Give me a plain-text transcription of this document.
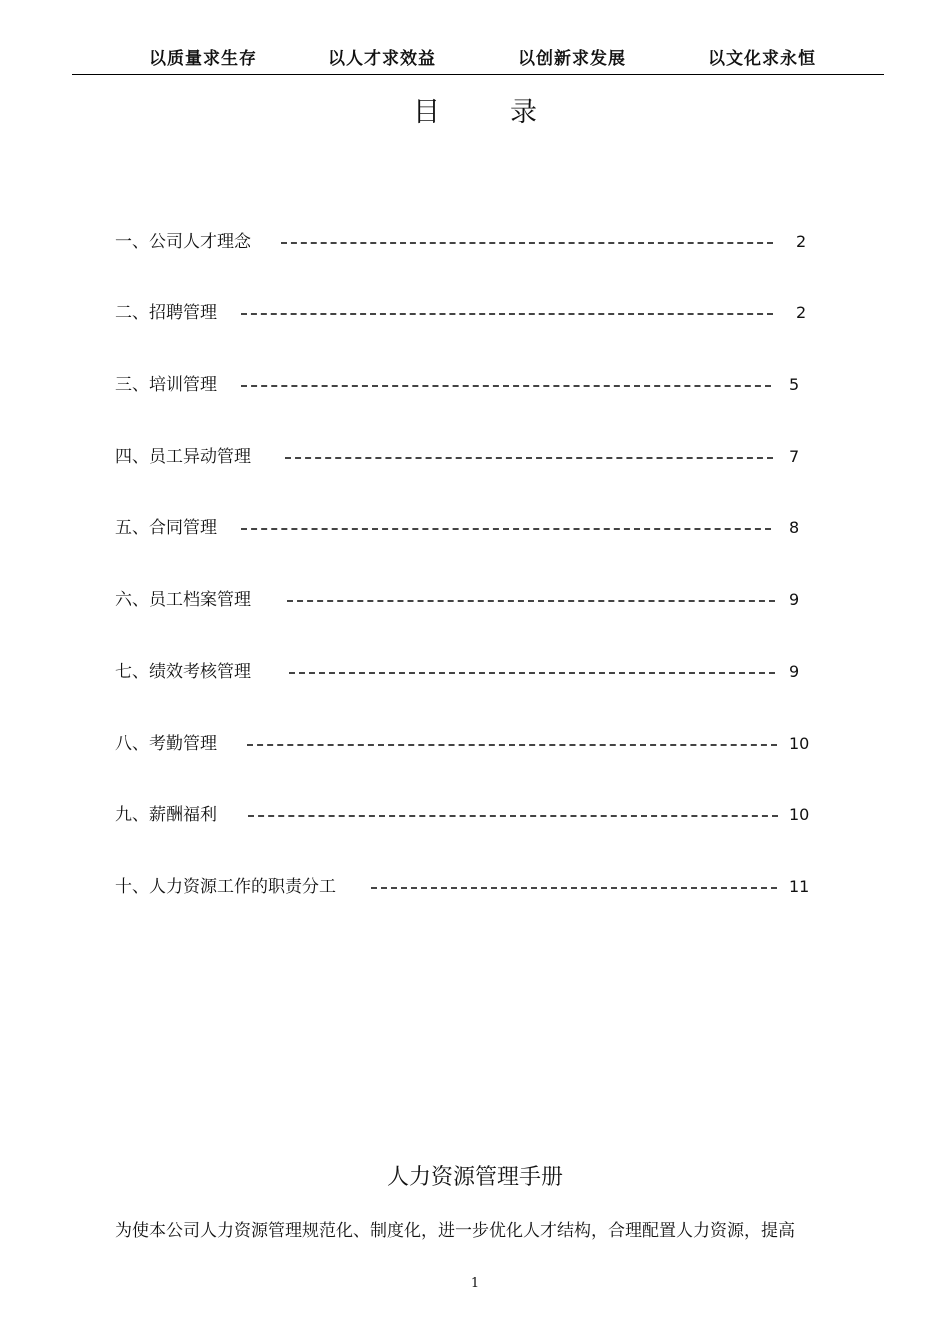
以质量求生存	以人才求效益	以创新求发展	以文化求永恒
目录
一、公司人才理念	2
二、招聘管理	2
三、培训管理	5
四、员工异动管理	7
五、合同管理	8
六、员工档案管理	9
七、绩效考核管理	9
八、考勤管理	10
九、薪酬福利	10
十、人力资源工作的职责分工	11
人力资源管理手册
为使本公司人力资源管理规范化、制度化，进一步优化人才结构，合理配置人力资源，提高
1
